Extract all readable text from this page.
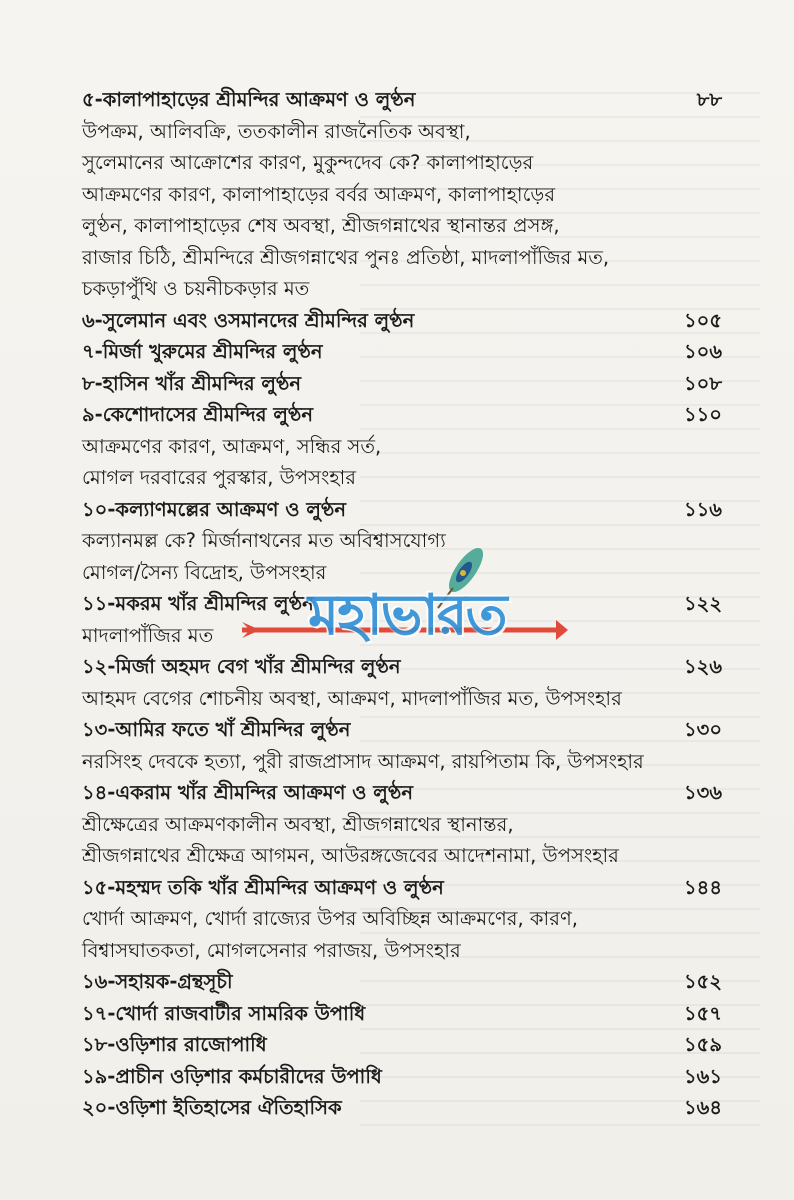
৫-কালাপাহাড়ের শ্রীমন্দির আক্রমণ ও লুণ্ঠন	৮৮
উপক্রম, আলিবক্রি, ততকালীন রাজনৈতিক অবস্থা,
সুলেমানের আক্রোশের কারণ, মুকুন্দদেব কে? কালাপাহাড়ের
আক্রমণের কারণ, কালাপাহাড়ের বর্বর আক্রমণ, কালাপাহাড়ের
লুণ্ঠন, কালাপাহাড়ের শেষ অবস্থা, শ্রীজগন্নাথের স্থানান্তর প্রসঙ্গ,
রাজার চিঠি, শ্রীমন্দিরে শ্রীজগন্নাথের পুনঃ প্রতিষ্ঠা, মাদলাপাঁজির মত,
চকড়াপুঁথি ও চয়নীচকড়ার মত
৬-সুলেমান এবং ওসমানদের শ্রীমন্দির লুণ্ঠন	১০৫
৭-মির্জা খুরুমের শ্রীমন্দির লুণ্ঠন	১০৬
৮-হাসিন খাঁর শ্রীমন্দির লুণ্ঠন	১০৮
৯-কেশোদাসের শ্রীমন্দির লুণ্ঠন	১১০
আক্রমণের কারণ, আক্রমণ, সন্ধির সর্ত,
মোগল দরবারের পুরস্কার, উপসংহার
১০-কল্যাণমল্লের আক্রমণ ও লুণ্ঠন	১১৬
কল্যানমল্ল কে? মির্জানাথনের মত অবিশ্বাসযোগ্য
মোগল/সৈন্য বিদ্রোহ, উপসংহার
১১-মকরম খাঁর শ্রীমন্দির লুণ্ঠন	১২২
মাদলাপাঁজির মত
১২-মির্জা অহমদ বেগ খাঁর শ্রীমন্দির লুণ্ঠন	১২৬
আহমদ বেগের শোচনীয় অবস্থা, আক্রমণ, মাদলাপাঁজির মত, উপসংহার
১৩-আমির ফতে খাঁ শ্রীমন্দির লুণ্ঠন	১৩০
নরসিংহ দেবকে হত্যা, পুরী রাজপ্রাসাদ আক্রমণ, রায়পিতাম কি, উপসংহার
১৪-একরাম খাঁর শ্রীমন্দির আক্রমণ ও লুণ্ঠন	১৩৬
শ্রীক্ষেত্রের আক্রমণকালীন অবস্থা, শ্রীজগন্নাথের স্থানান্তর,
শ্রীজগন্নাথের শ্রীক্ষেত্র আগমন, আউরঙ্গজেবের আদেশনামা, উপসংহার
১৫-মহম্মদ তকি খাঁর শ্রীমন্দির আক্রমণ ও লুণ্ঠন	১৪৪
খোর্দা আক্রমণ, খোর্দা রাজ্যের উপর অবিচ্ছিন্ন আক্রমণের, কারণ,
বিশ্বাসঘাতকতা, মোগলসেনার পরাজয়, উপসংহার
১৬-সহায়ক-গ্রন্থসূচী	১৫২
১৭-খোর্দা রাজবাটীর সামরিক উপাধি	১৫৭
১৮-ওড়িশার রাজোপাধি	১৫৯
১৯-প্রাচীন ওড়িশার কর্মচারীদের উপাধি	১৬১
২০-ওড়িশা ইতিহাসের ঐতিহাসিক	১৬৪
মহাভারত
